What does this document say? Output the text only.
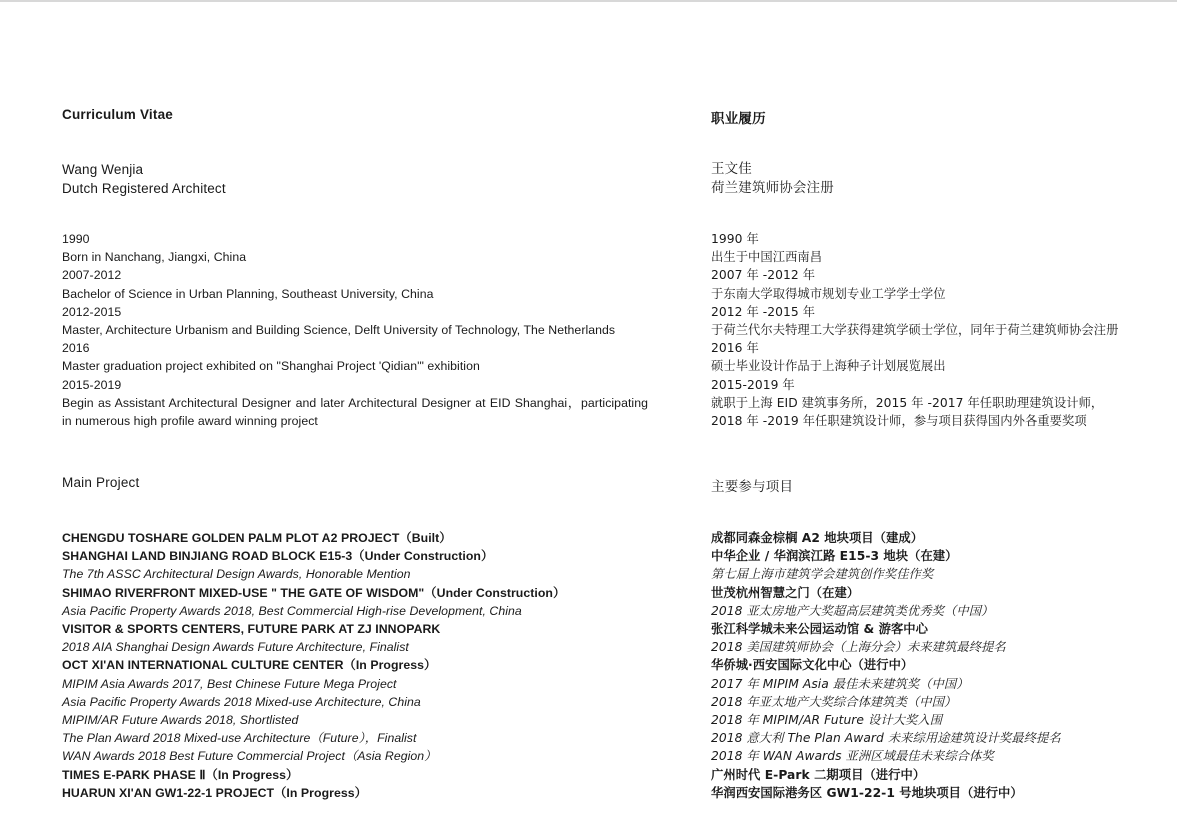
Curriculum Vitae
Wang Wenjia
Dutch Registered Architect
1990
Born in Nanchang, Jiangxi, China
2007-2012
Bachelor of Science in Urban Planning, Southeast University, China
2012-2015
Master, Architecture Urbanism and Building Science, Delft University of Technology, The Netherlands
2016
Master graduation project exhibited on "Shanghai Project 'Qidian'" exhibition
2015-2019
Begin as Assistant Architectural Designer and later Architectural Designer at EID Shanghai，participating in numerous high profile award winning project
Main Project
CHENGDU TOSHARE GOLDEN PALM PLOT A2 PROJECT（Built）
SHANGHAI LAND BINJIANG ROAD BLOCK E15-3（Under Construction）
The 7th ASSC Architectural Design Awards, Honorable Mention
SHIMAO RIVERFRONT MIXED-USE " THE GATE OF WISDOM"（Under Construction）
Asia Pacific Property Awards 2018, Best Commercial High-rise Development, China
VISITOR & SPORTS CENTERS, FUTURE PARK AT ZJ INNOPARK
2018 AIA Shanghai Design Awards Future Architecture, Finalist
OCT XI'AN INTERNATIONAL CULTURE CENTER（In Progress）
MIPIM Asia Awards 2017, Best Chinese Future Mega Project
Asia Pacific Property Awards 2018 Mixed-use Architecture, China
MIPIM/AR Future Awards 2018, Shortlisted
The Plan Award 2018 Mixed-use Architecture（Future），Finalist
WAN Awards 2018 Best Future Commercial Project（Asia Region）
TIMES E-PARK PHASE Ⅱ（In Progress）
HUARUN XI'AN GW1-22-1 PROJECT（In Progress）
职业履历
王文佳
荷兰建筑师协会注册
1990 年
出生于中国江西南昌
2007 年 -2012 年
于东南大学取得城市规划专业工学学士学位
2012 年 -2015 年
于荷兰代尔夫特理工大学获得建筑学硕士学位，同年于荷兰建筑师协会注册
2016 年
硕士毕业设计作品于上海种子计划展览展出
2015-2019 年
就职于上海 EID 建筑事务所，2015 年 -2017 年任职助理建筑设计师，2018 年 -2019 年任职建筑设计师，参与项目获得国内外各重要奖项
主要参与项目
成都同森金棕榈 A2 地块项目（建成）
中华企业 / 华润滨江路 E15-3 地块（在建）
第七届上海市建筑学会建筑创作奖佳作奖
世茂杭州智慧之门（在建）
2018 亚太房地产大奖超高层建筑类优秀奖（中国）
张江科学城未来公园运动馆 & 游客中心
2018 美国建筑师协会（上海分会）未来建筑最终提名
华侨城·西安国际文化中心（进行中）
2017 年 MIPIM Asia 最佳未来建筑奖（中国）
2018 年亚太地产大奖综合体建筑类（中国）
2018 年 MIPIM/AR Future 设计大奖入围
2018 意大利 The Plan Award 未来综用途建筑设计奖最终提名
2018 年 WAN Awards 亚洲区域最佳未来综合体奖
广州时代 E-Park 二期项目（进行中）
华润西安国际港务区 GW1-22-1 号地块项目（进行中）
